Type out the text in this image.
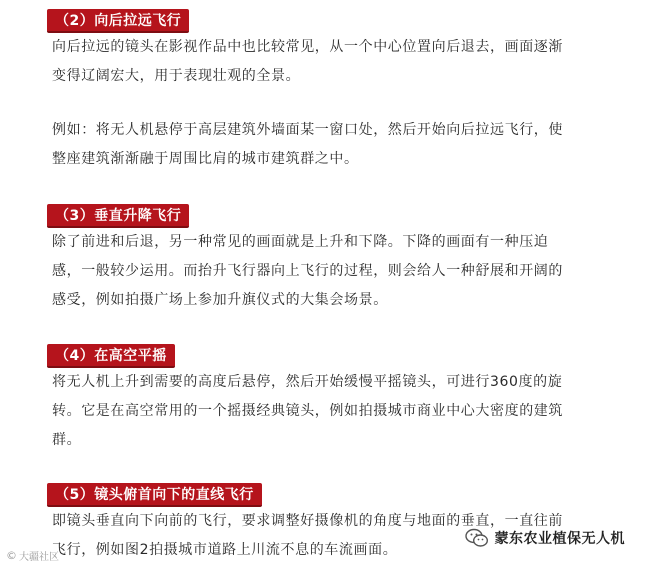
（2）向后拉远飞行
向后拉远的镜头在影视作品中也比较常见，从一个中心位置向后退去，画面逐渐
变得辽阔宏大，用于表现壮观的全景。
例如：将无人机悬停于高层建筑外墙面某一窗口处，然后开始向后拉远飞行，使
整座建筑渐渐融于周围比肩的城市建筑群之中。
（3）垂直升降飞行
除了前进和后退，另一种常见的画面就是上升和下降。下降的画面有一种压迫
感，一般较少运用。而抬升飞行器向上飞行的过程，则会给人一种舒展和开阔的
感受，例如拍摄广场上参加升旗仪式的大集会场景。
（4）在高空平摇
将无人机上升到需要的高度后悬停，然后开始缓慢平摇镜头，可进行360度的旋
转。它是在高空常用的一个摇摄经典镜头，例如拍摄城市商业中心大密度的建筑
群。
（5）镜头俯首向下的直线飞行
即镜头垂直向下向前的飞行，要求调整好摄像机的角度与地面的垂直，一直往前
飞行，例如图2拍摄城市道路上川流不息的车流画面。
© 大疆社区
蒙东农业植保无人机
